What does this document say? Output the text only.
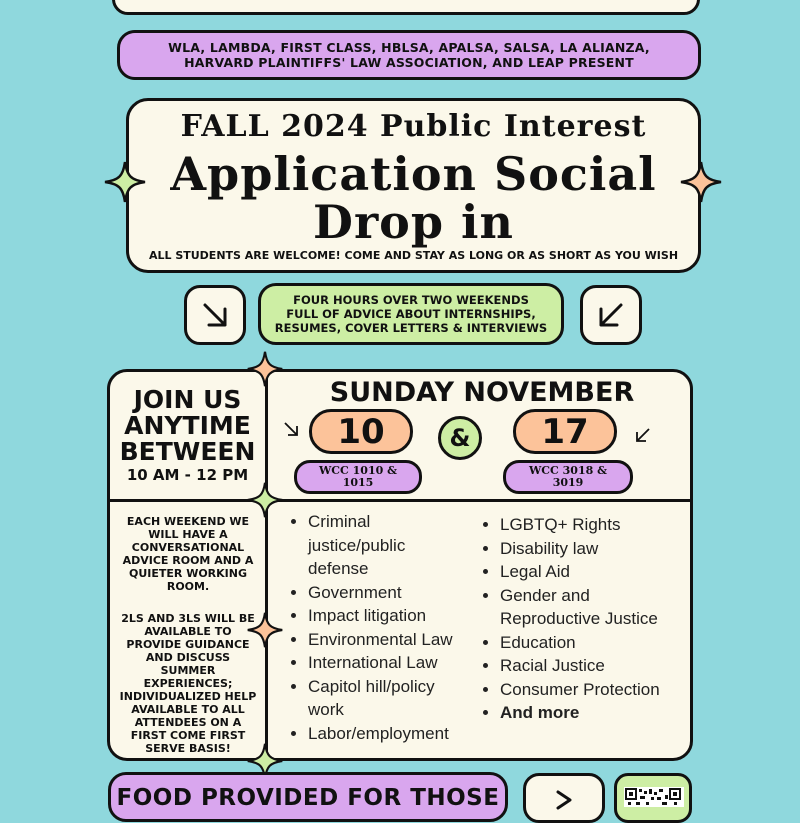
WLA, LAMBDA, FIRST CLASS, HBLSA, APALSA, SALSA, LA ALIANZA,
HARVARD PLAINTIFFS' LAW ASSOCIATION, AND LEAP PRESENT
FALL 2024 Public Interest
Application Social
Drop in
ALL STUDENTS ARE WELCOME! COME AND STAY AS LONG OR AS SHORT AS YOU WISH
FOUR HOURS OVER TWO WEEKENDS
FULL OF ADVICE ABOUT INTERNSHIPS,
RESUMES, COVER LETTERS & INTERVIEWS
JOIN US
ANYTIME
BETWEEN
10 AM - 12 PM
SUNDAY NOVEMBER
10	&	17
WCC 1010 &
1015
WCC 3018 &
3019
EACH WEEKEND WE WILL HAVE A CONVERSATIONAL ADVICE ROOM AND A QUIETER WORKING ROOM.
2LS AND 3LS WILL BE AVAILABLE TO PROVIDE GUIDANCE AND DISCUSS SUMMER EXPERIENCES; INDIVIDUALIZED HELP AVAILABLE TO ALL ATTENDEES ON A FIRST COME FIRST SERVE BASIS!
• Criminal justice/public defense
• Government
• Impact litigation
• Environmental Law
• International Law
• Capitol hill/policy work
• Labor/employment
• LGBTQ+ Rights
• Disability law
• Legal Aid
• Gender and Reproductive Justice
• Education
• Racial Justice
• Consumer Protection
• And more
FOOD PROVIDED FOR THOSE
